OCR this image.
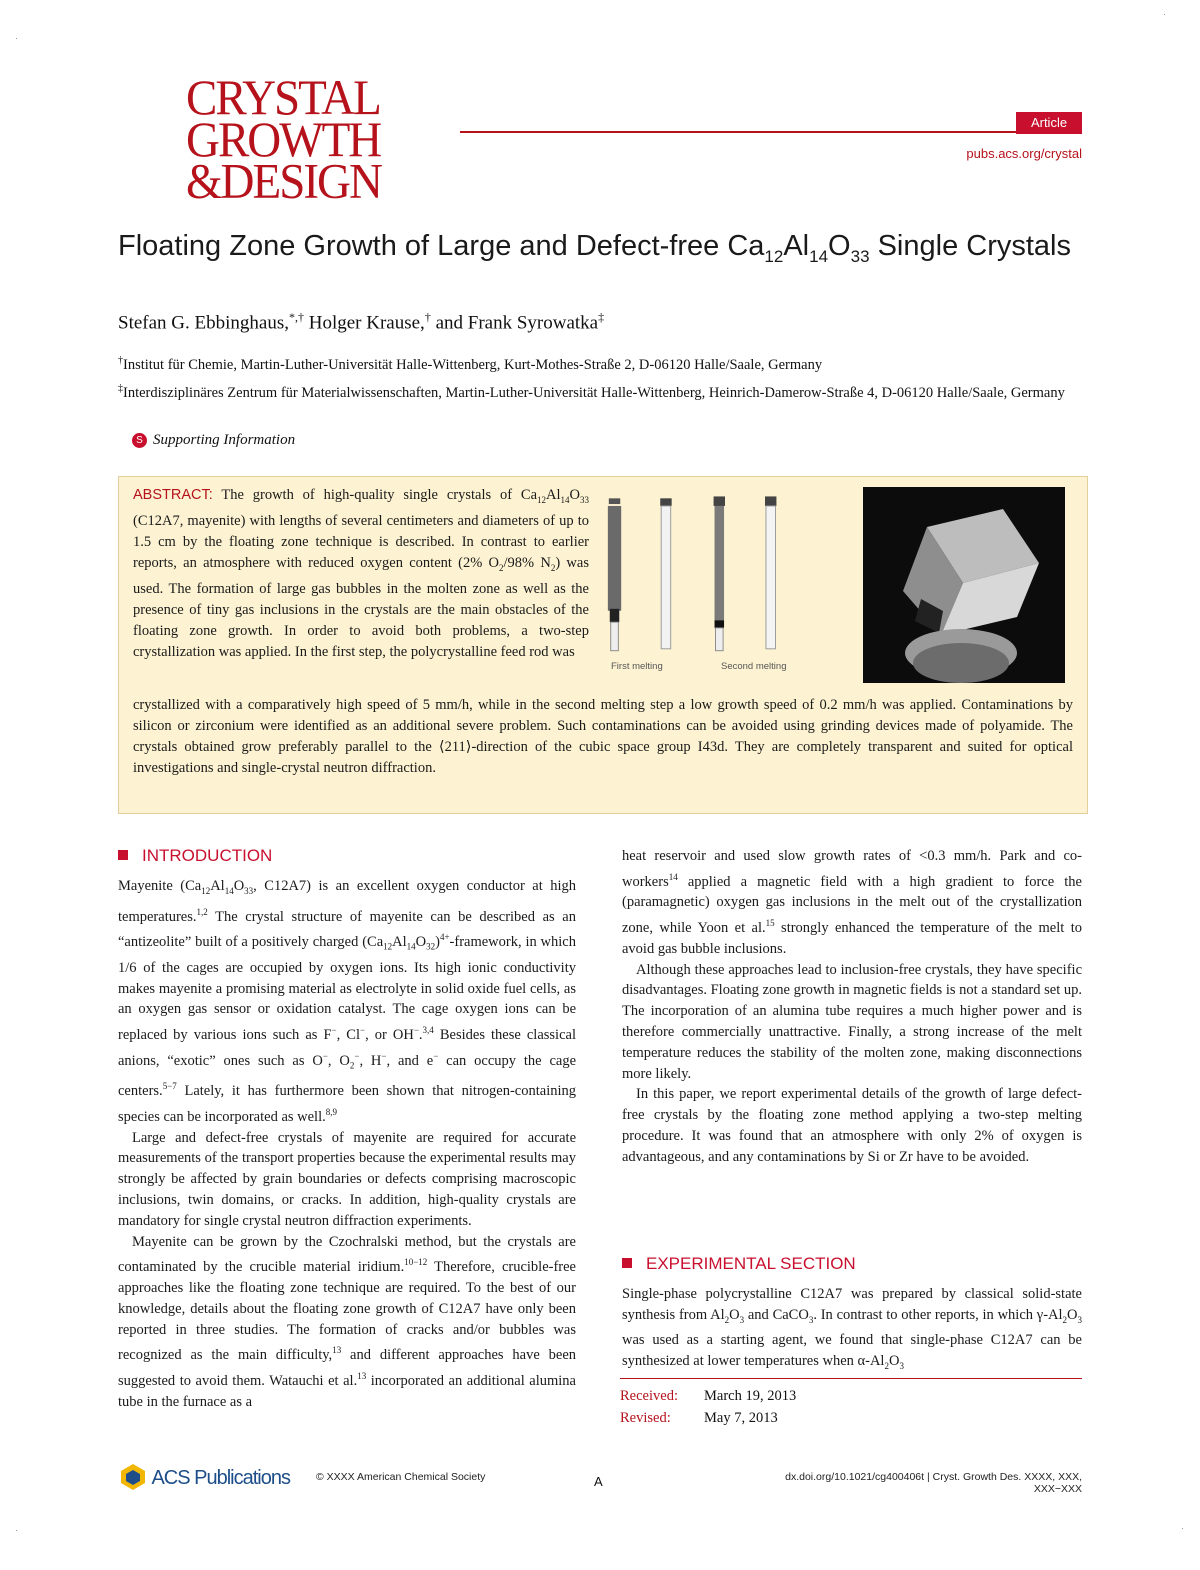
CRYSTAL
GROWTH
&DESIGN
Article
pubs.acs.org/crystal
Floating Zone Growth of Large and Defect-free $Ca_{12}Al_{14}O_{33}$ Single Crystals
Stefan G. Ebbinghaus,*,† Holger Krause,† and Frank Syrowatka‡
†Institut für Chemie, Martin-Luther-Universität Halle-Wittenberg, Kurt-Mothes-Straße 2, D-06120 Halle/Saale, Germany
‡Interdisziplinäres Zentrum für Materialwissenschaften, Martin-Luther-Universität Halle-Wittenberg, Heinrich-Damerow-Straße 4, D-06120 Halle/Saale, Germany
S Supporting Information
ABSTRACT: The growth of high-quality single crystals of $Ca_{12}Al_{14}O_{33}$ (C12A7, mayenite) with lengths of several centimeters and diameters of up to 1.5 cm by the floating zone technique is described. In contrast to earlier reports, an atmosphere with reduced oxygen content (2% $O_2/98\%$ $N_2$) was used. The formation of large gas bubbles in the molten zone as well as the presence of tiny gas inclusions in the crystals are the main obstacles of the floating zone growth. In order to avoid both problems, a two-step crystallization was applied. In the first step, the polycrystalline feed rod was
First melting	Second melting
crystallized with a comparatively high speed of 5 mm/h, while in the second melting step a low growth speed of 0.2 mm/h was applied. Contaminations by silicon or zirconium were identified as an additional severe problem. Such contaminations can be avoided using grinding devices made of polyamide. The crystals obtained grow preferably parallel to the ⟨211⟩-direction of the cubic space group I43d. They are completely transparent and suited for optical investigations and single-crystal neutron diffraction.
INTRODUCTION

Mayenite ($Ca_{12}Al_{14}O_{33}$, C12A7) is an excellent oxygen conductor at high temperatures.$^{1,2}$ The crystal structure of mayenite can be described as an “antizeolite” built of a positively charged $(Ca_{12}Al_{14}O_{32})^{4+}$-framework, in which 1/6 of the cages are occupied by oxygen ions. Its high ionic conductivity makes mayenite a promising material as electrolyte in solid oxide fuel cells, as an oxygen gas sensor or oxidation catalyst. The cage oxygen ions can be replaced by various ions such as F−, Cl−, or OH−.$^{3,4}$ Besides these classical anions, “exotic” ones such as O−, $O_2^-$, H−, and e− can occupy the cage centers.$^{5-7}$ Lately, it has furthermore been shown that nitrogen-containing species can be incorporated as well.$^{8,9}$

Large and defect-free crystals of mayenite are required for accurate measurements of the transport properties because the experimental results may strongly be affected by grain boundaries or defects comprising macroscopic inclusions, twin domains, or cracks. In addition, high-quality crystals are mandatory for single crystal neutron diffraction experiments.

Mayenite can be grown by the Czochralski method, but the crystals are contaminated by the crucible material iridium.$^{10-12}$ Therefore, crucible-free approaches like the floating zone technique are required. To the best of our knowledge, details about the floating zone growth of C12A7 have only been reported in three studies. The formation of cracks and/or bubbles was recognized as the main difficulty,$^{13}$ and different approaches have been suggested to avoid them. Watauchi et al.$^{13}$ incorporated an additional alumina tube in the furnace as a

heat reservoir and used slow growth rates of <0.3 mm/h. Park and co-workers$^{14}$ applied a magnetic field with a high gradient to force the (paramagnetic) oxygen gas inclusions in the melt out of the crystallization zone, while Yoon et al.$^{15}$ strongly enhanced the temperature of the melt to avoid gas bubble inclusions.

Although these approaches lead to inclusion-free crystals, they have specific disadvantages. Floating zone growth in magnetic fields is not a standard set up. The incorporation of an alumina tube requires a much higher power and is therefore commercially unattractive. Finally, a strong increase of the melt temperature reduces the stability of the molten zone, making disconnections more likely.

In this paper, we report experimental details of the growth of large defect-free crystals by the floating zone method applying a two-step melting procedure. It was found that an atmosphere with only 2% of oxygen is advantageous, and any contaminations by Si or Zr have to be avoided.

EXPERIMENTAL SECTION

Single-phase polycrystalline C12A7 was prepared by classical solid-state synthesis from $Al_2O_3$ and CaCO$_3$. In contrast to other reports, in which $\gamma-Al_2O_3$ was used as a starting agent, we found that single-phase C12A7 can be synthesized at lower temperatures when $\alpha-Al_2O_3$

Received: March 19, 2013
Revised: May 7, 2013
ACS Publications © XXXX American Chemical Society	A	dx.doi.org/10.1021/cg400406t | Cryst. Growth Des. XXXX, XXX, XXX−XXX
